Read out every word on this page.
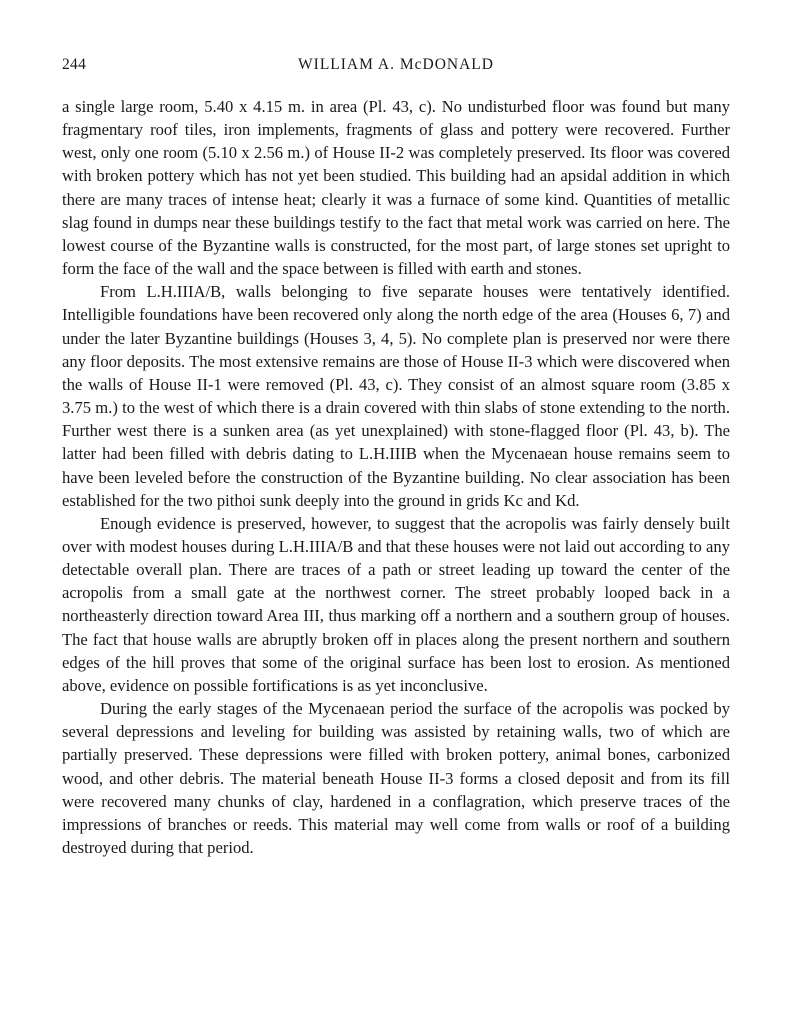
244	WILLIAM A. McDONALD

a single large room, 5.40 x 4.15 m. in area (Pl. 43, c). No undisturbed floor was found but many fragmentary roof tiles, iron implements, fragments of glass and pottery were recovered. Further west, only one room (5.10 x 2.56 m.) of House II-2 was completely preserved. Its floor was covered with broken pottery which has not yet been studied. This building had an apsidal addition in which there are many traces of intense heat; clearly it was a furnace of some kind. Quantities of metallic slag found in dumps near these buildings testify to the fact that metal work was carried on here. The lowest course of the Byzantine walls is constructed, for the most part, of large stones set upright to form the face of the wall and the space between is filled with earth and stones.

From L.H.IIIA/B, walls belonging to five separate houses were tentatively identified. Intelligible foundations have been recovered only along the north edge of the area (Houses 6, 7) and under the later Byzantine buildings (Houses 3, 4, 5). No complete plan is preserved nor were there any floor deposits. The most extensive remains are those of House II-3 which were discovered when the walls of House II-1 were removed (Pl. 43, c). They consist of an almost square room (3.85 x 3.75 m.) to the west of which there is a drain covered with thin slabs of stone extending to the north. Further west there is a sunken area (as yet unexplained) with stone-flagged floor (Pl. 43, b). The latter had been filled with debris dating to L.H.IIIB when the Mycenaean house remains seem to have been leveled before the construction of the Byzantine building. No clear association has been established for the two pithoi sunk deeply into the ground in grids Kc and Kd.

Enough evidence is preserved, however, to suggest that the acropolis was fairly densely built over with modest houses during L.H.IIIA/B and that these houses were not laid out according to any detectable overall plan. There are traces of a path or street leading up toward the center of the acropolis from a small gate at the northwest corner. The street probably looped back in a northeasterly direction toward Area III, thus marking off a northern and a southern group of houses. The fact that house walls are abruptly broken off in places along the present northern and southern edges of the hill proves that some of the original surface has been lost to erosion. As mentioned above, evidence on possible fortifications is as yet inconclusive.

During the early stages of the Mycenaean period the surface of the acropolis was pocked by several depressions and leveling for building was assisted by retaining walls, two of which are partially preserved. These depressions were filled with broken pottery, animal bones, carbonized wood, and other debris. The material beneath House II-3 forms a closed deposit and from its fill were recovered many chunks of clay, hardened in a conflagration, which preserve traces of the impressions of branches or reeds. This material may well come from walls or roof of a building destroyed during that period.
